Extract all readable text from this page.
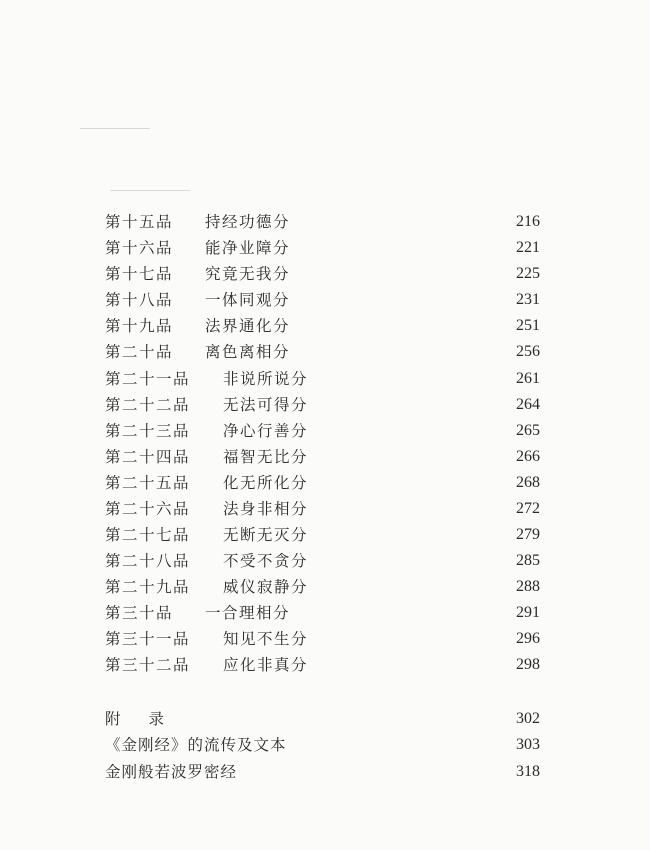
第十五品 持经功德分	216
第十六品 能净业障分	221
第十七品 究竟无我分	225
第十八品 一体同观分	231
第十九品 法界通化分	251
第二十品 离色离相分	256
第二十一品 非说所说分	261
第二十二品 无法可得分	264
第二十三品 净心行善分	265
第二十四品 福智无比分	266
第二十五品 化无所化分	268
第二十六品 法身非相分	272
第二十七品 无断无灭分	279
第二十八品 不受不贪分	285
第二十九品 威仪寂静分	288
第三十品 一合理相分	291
第三十一品 知见不生分	296
第三十二品 应化非真分	298
附 录	302
《金刚经》的流传及文本	303
金刚般若波罗密经	318
